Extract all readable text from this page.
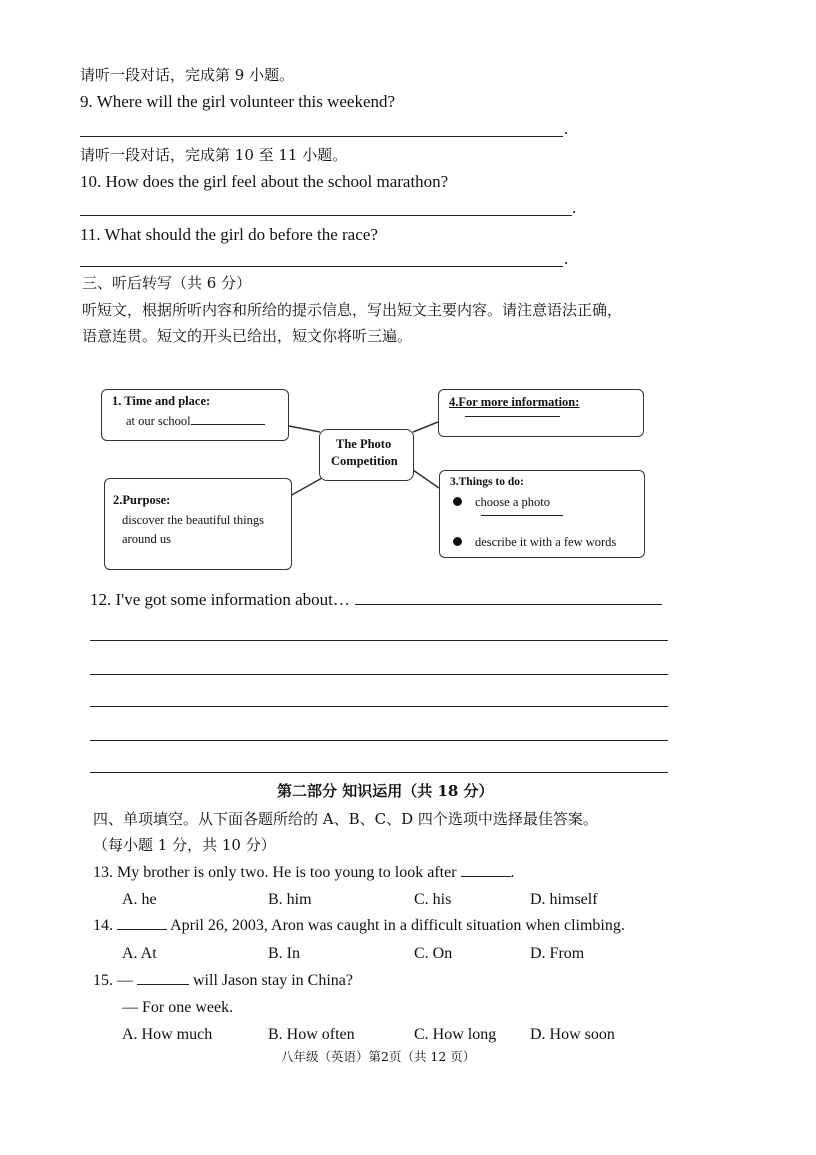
请听一段对话，完成第 9 小题。
9. Where will the girl volunteer this weekend?
.
请听一段对话，完成第 10 至 11 小题。
10. How does the girl feel about the school marathon?
.
11. What should the girl do before the race?
.
三、听后转写（共 6 分）
听短文，根据所听内容和所给的提示信息，写出短文主要内容。请注意语法正确，
语意连贯。短文的开头已给出，短文你将听三遍。
1. Time and place:
at our school
2.Purpose:
discover the beautiful things
around us
The Photo
Competition
4.For more information:
3.Things to do:
choose a photo
describe it with a few words
12. I've got some information about…
第二部分 知识运用（共 18 分）
四、单项填空。从下面各题所给的 A、B、C、D 四个选项中选择最佳答案。
（每小题 1 分，共 10 分）
13. My brother is only two. He is too young to look after	.
A. he	B. him	C. his	D. himself
14.	April 26, 2003, Aron was caught in a difficult situation when climbing.
A. At	B. In	C. On	D. From
15. —	will Jason stay in China?
— For one week.
A. How much	B. How often	C. How long D. How soon
八年级（英语）第2页（共 12 页）
